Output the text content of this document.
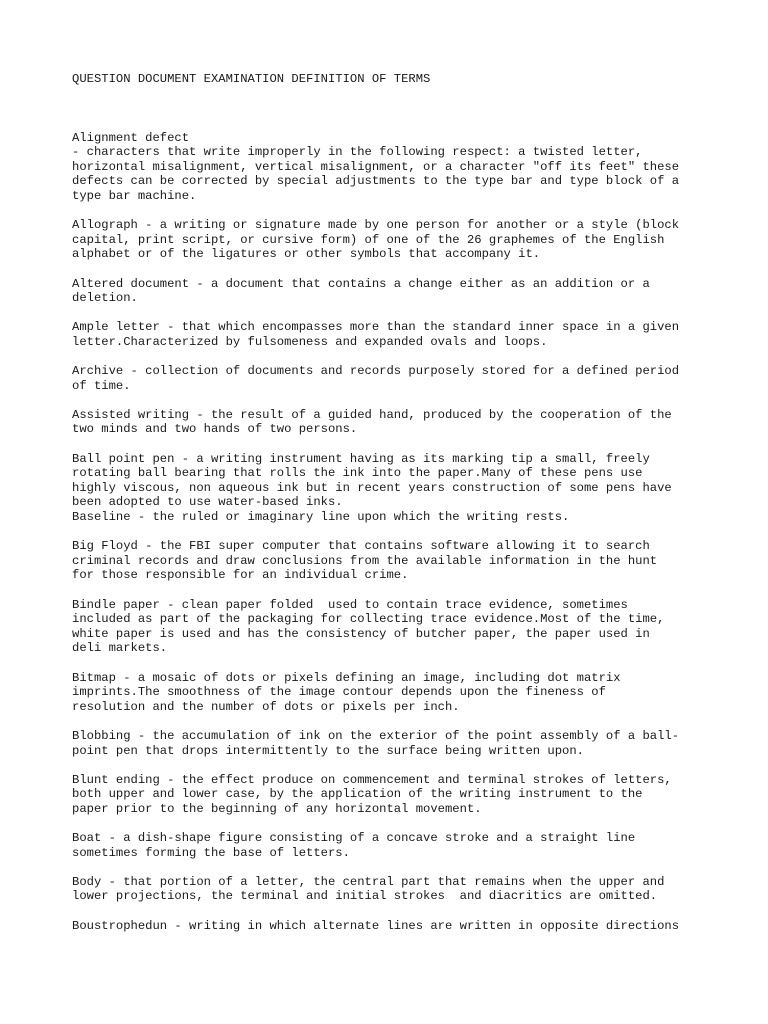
QUESTION DOCUMENT EXAMINATION DEFINITION OF TERMS
Alignment defect
- characters that write improperly in the following respect: a twisted letter,
horizontal misalignment, vertical misalignment, or a character "off its feet" these
defects can be corrected by special adjustments to the type bar and type block of a
type bar machine.
Allograph - a writing or signature made by one person for another or a style (block
capital, print script, or cursive form) of one of the 26 graphemes of the English
alphabet or of the ligatures or other symbols that accompany it.
Altered document - a document that contains a change either as an addition or a
deletion.
Ample letter - that which encompasses more than the standard inner space in a given
letter.Characterized by fulsomeness and expanded ovals and loops.
Archive - collection of documents and records purposely stored for a defined period
of time.
Assisted writing - the result of a guided hand, produced by the cooperation of the
two minds and two hands of two persons.
Ball point pen - a writing instrument having as its marking tip a small, freely
rotating ball bearing that rolls the ink into the paper.Many of these pens use
highly viscous, non aqueous ink but in recent years construction of some pens have
been adopted to use water-based inks.
Baseline - the ruled or imaginary line upon which the writing rests.
Big Floyd - the FBI super computer that contains software allowing it to search
criminal records and draw conclusions from the available information in the hunt
for those responsible for an individual crime.
Bindle paper - clean paper folded  used to contain trace evidence, sometimes
included as part of the packaging for collecting trace evidence.Most of the time,
white paper is used and has the consistency of butcher paper, the paper used in
deli markets.
Bitmap - a mosaic of dots or pixels defining an image, including dot matrix
imprints.The smoothness of the image contour depends upon the fineness of
resolution and the number of dots or pixels per inch.
Blobbing - the accumulation of ink on the exterior of the point assembly of a ball-
point pen that drops intermittently to the surface being written upon.
Blunt ending - the effect produce on commencement and terminal strokes of letters,
both upper and lower case, by the application of the writing instrument to the
paper prior to the beginning of any horizontal movement.
Boat - a dish-shape figure consisting of a concave stroke and a straight line
sometimes forming the base of letters.
Body - that portion of a letter, the central part that remains when the upper and
lower projections, the terminal and initial strokes  and diacritics are omitted.
Boustrophedun - writing in which alternate lines are written in opposite directions
